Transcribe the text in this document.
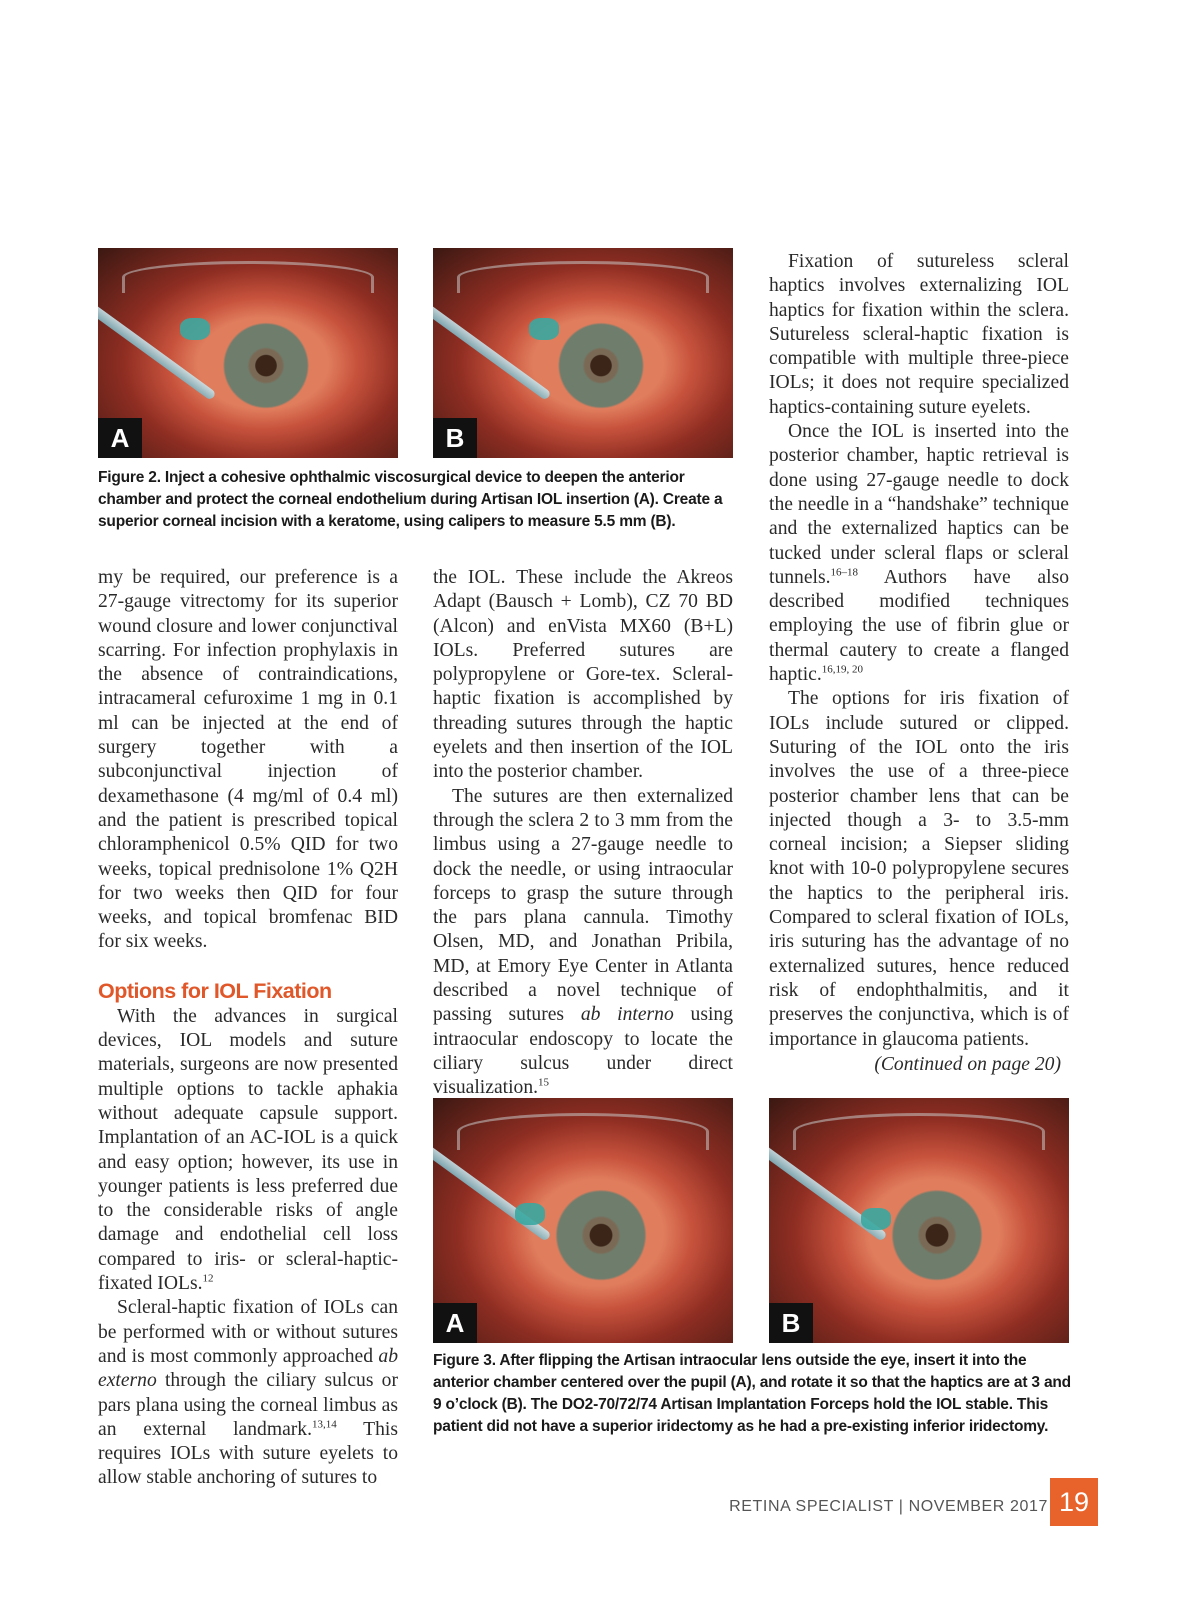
A	B
Figure 2. Inject a cohesive ophthalmic viscosurgical device to deepen the anterior chamber and protect the corneal endothelium during Artisan IOL insertion (A). Create a superior corneal incision with a keratome, using calipers to measure 5.5 mm (B).

my be required, our preference is a 27-gauge vitrectomy for its superior wound closure and lower conjunctival scarring. For infection prophylaxis in the absence of contraindications, intracameral cefuroxime 1 mg in 0.1 ml can be injected at the end of surgery together with a subconjunctival injection of dexamethasone (4 mg/ml of 0.4 ml) and the patient is prescribed topical chloramphenicol 0.5% QID for two weeks, topical prednisolone 1% Q2H for two weeks then QID for four weeks, and topical bromfenac BID for six weeks.

Options for IOL Fixation

With the advances in surgical devices, IOL models and suture materials, surgeons are now presented multiple options to tackle aphakia without adequate capsule support. Implantation of an AC-IOL is a quick and easy option; however, its use in younger patients is less preferred due to the considerable risks of angle damage and endothelial cell loss compared to iris- or scleral-haptic-fixated IOLs.$^{12}$

Scleral-haptic fixation of IOLs can be performed with or without sutures and is most commonly approached ab externo through the ciliary sulcus or pars plana using the corneal limbus as an external landmark.$^{13,14}$ This requires IOLs with suture eyelets to allow stable anchoring of sutures to

the IOL. These include the Akreos Adapt (Bausch + Lomb), CZ 70 BD (Alcon) and enVista MX60 (B+L) IOLs. Preferred sutures are polypropylene or Gore-tex. Scleral-haptic fixation is accomplished by threading sutures through the haptic eyelets and then insertion of the IOL into the posterior chamber.

The sutures are then externalized through the sclera 2 to 3 mm from the limbus using a 27-gauge needle to dock the needle, or using intraocular forceps to grasp the suture through the pars plana cannula. Timothy Olsen, MD, and Jonathan Pribila, MD, at Emory Eye Center in Atlanta described a novel technique of passing sutures ab interno using intraocular endoscopy to locate the ciliary sulcus under direct visualization.$^{15}$

Fixation of sutureless scleral haptics involves externalizing IOL haptics for fixation within the sclera. Sutureless scleral-haptic fixation is compatible with multiple three-piece IOLs; it does not require specialized haptics-containing suture eyelets.

Once the IOL is inserted into the posterior chamber, haptic retrieval is done using 27-gauge needle to dock the needle in a “handshake” technique and the externalized haptics can be tucked under scleral flaps or scleral tunnels.$^{16-18}$ Authors have also described modified techniques employing the use of fibrin glue or thermal cautery to create a flanged haptic.$^{16,19, 20}$

The options for iris fixation of IOLs include sutured or clipped. Suturing of the IOL onto the iris involves the use of a three-piece posterior chamber lens that can be injected though a 3- to 3.5-mm corneal incision; a Siepser sliding knot with 10-0 polypropylene secures the haptics to the peripheral iris. Compared to scleral fixation of IOLs, iris suturing has the advantage of no externalized sutures, hence reduced risk of endophthalmitis, and it preserves the conjunctiva, which is of importance in glaucoma patients.

(Continued on page 20)

A	B
Figure 3. After flipping the Artisan intraocular lens outside the eye, insert it into the anterior chamber centered over the pupil (A), and rotate it so that the haptics are at 3 and 9 o’clock (B). The DO2-70/72/74 Artisan Implantation Forceps hold the IOL stable. This patient did not have a superior iridectomy as he had a pre-existing inferior iridectomy.
RETINA SPECIALIST | NOVEMBER 2017 19
